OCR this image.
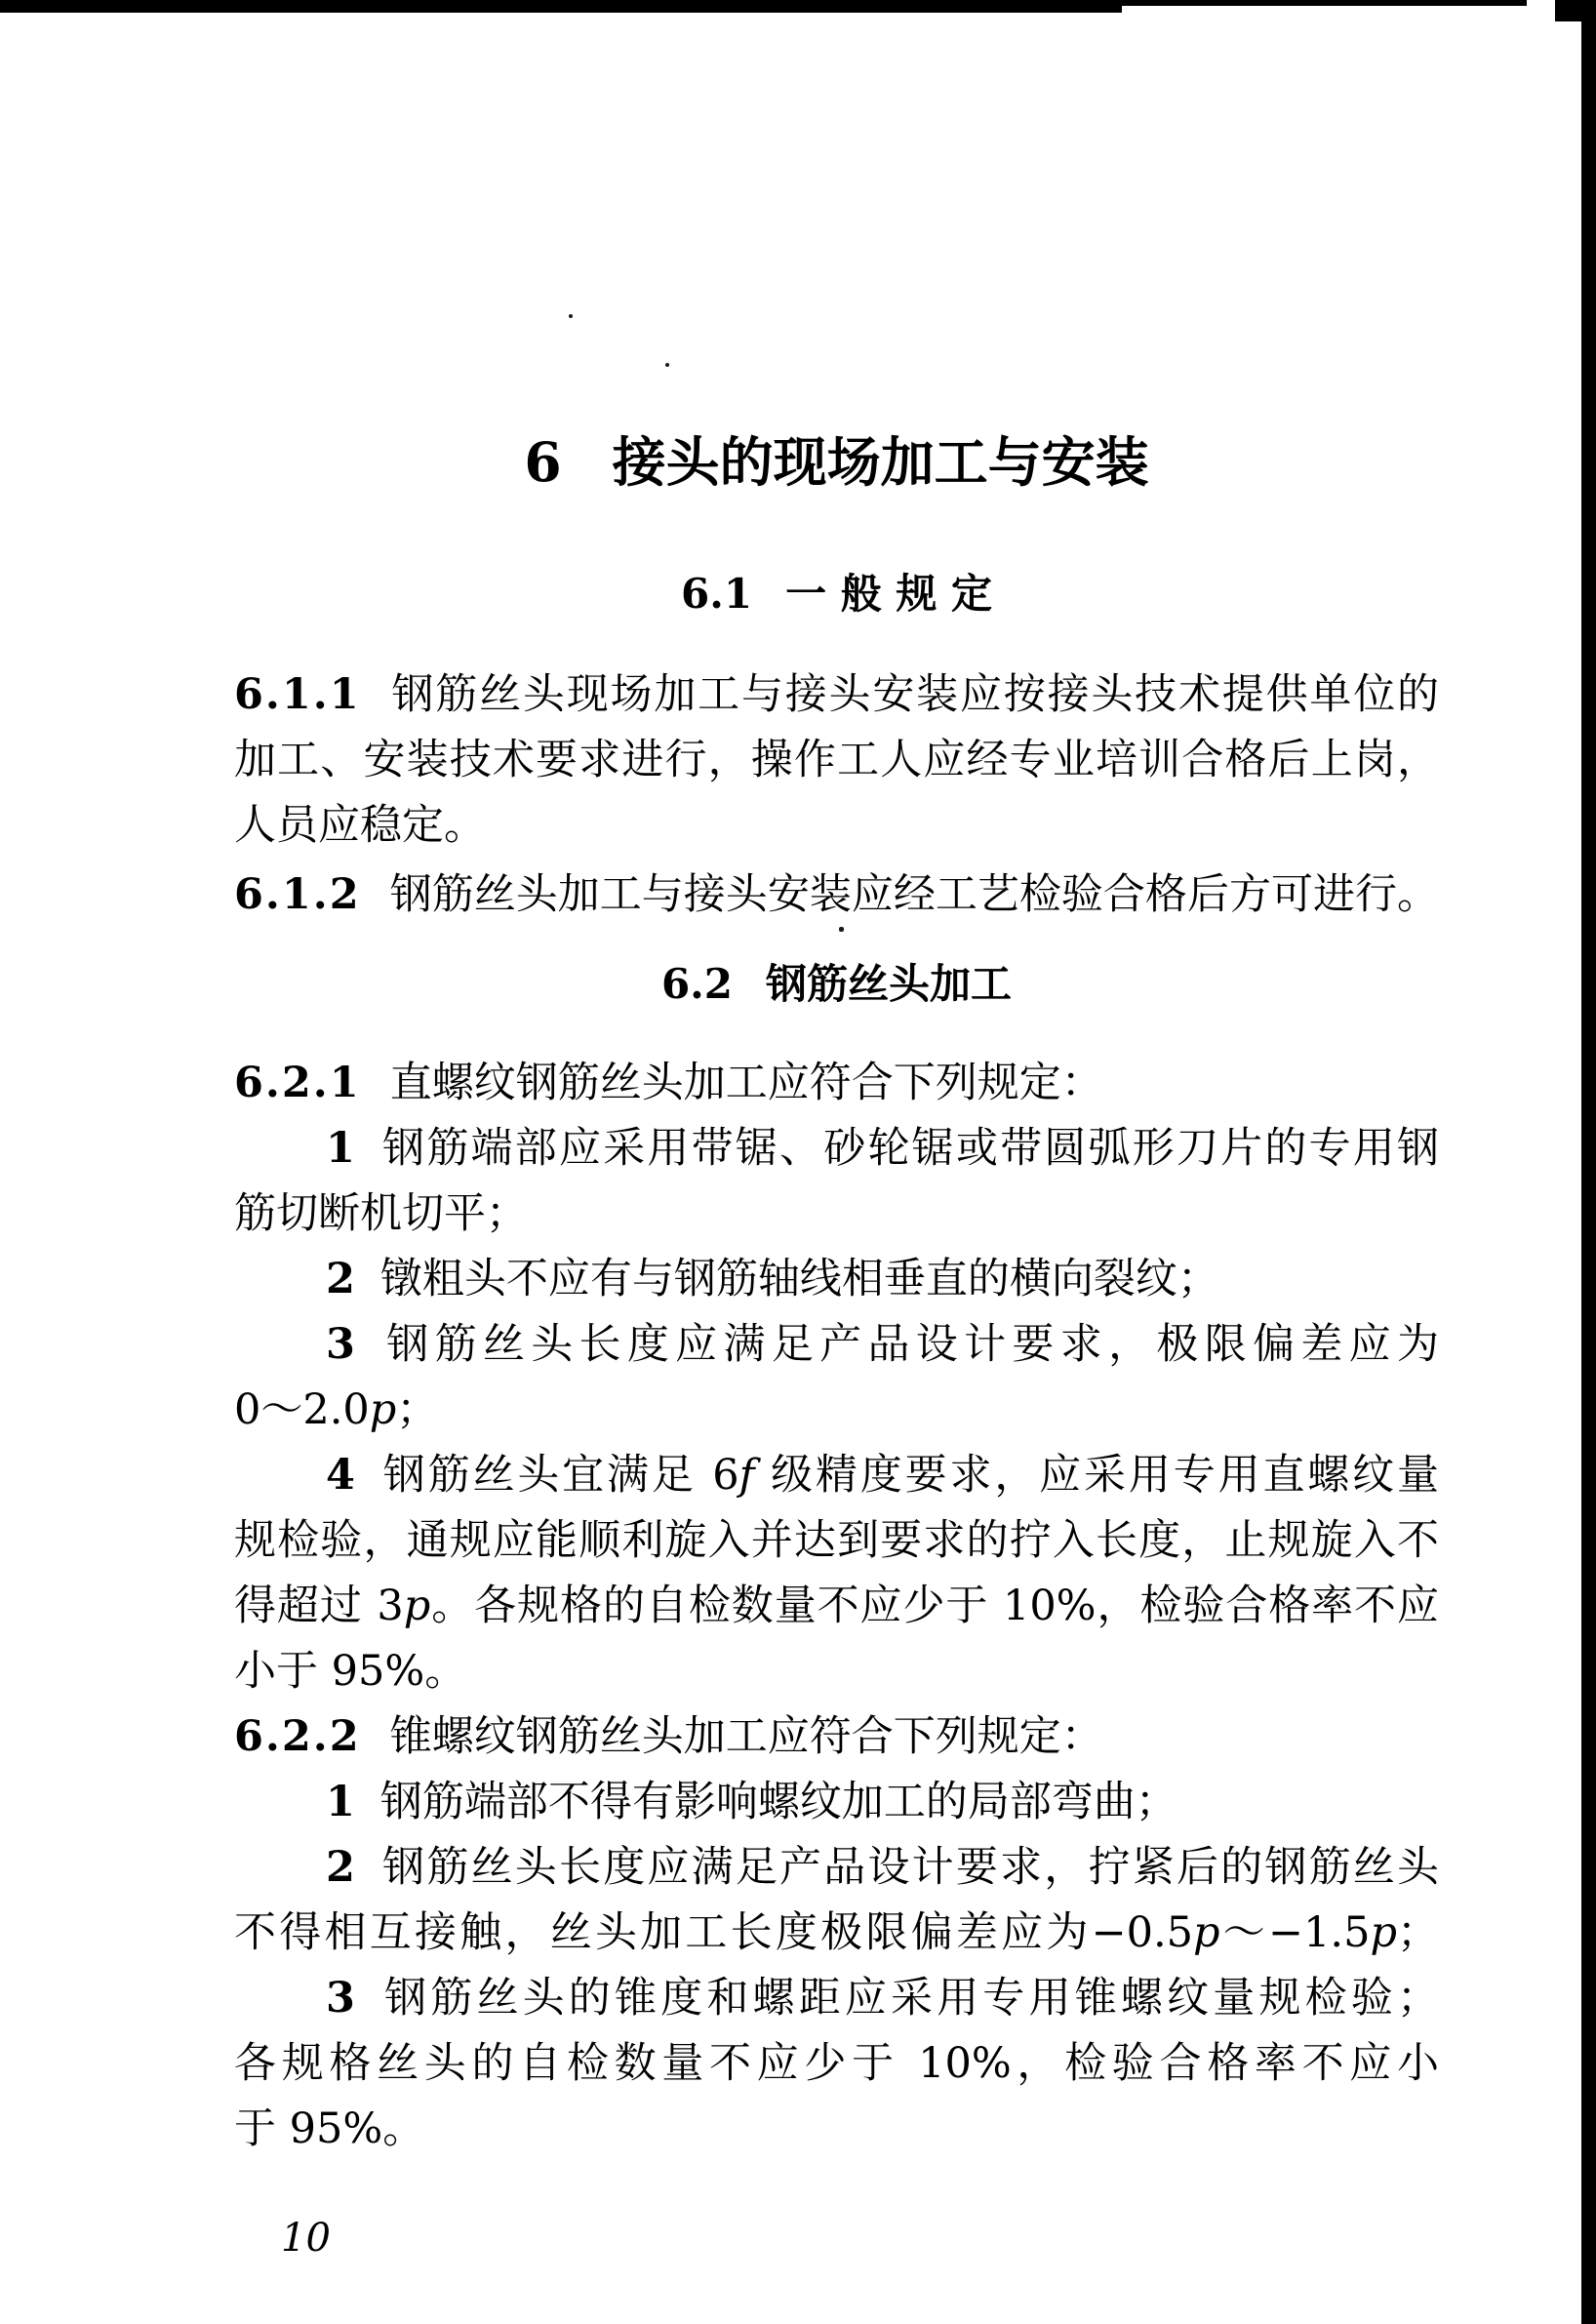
6 接头的现场加工与安装
6.1 一 般 规 定

6.1.1 钢筋丝头现场加工与接头安装应按接头技术提供单位的

加工、安装技术要求进行，操作工人应经专业培训合格后上岗，

人员应稳定。

6.1.2 钢筋丝头加工与接头安装应经工艺检验合格后方可进行。

6.2 钢筋丝头加工

6.2.1 直螺纹钢筋丝头加工应符合下列规定：

1 钢筋端部应采用带锯、砂轮锯或带圆弧形刀片的专用钢

筋切断机切平；

2 镦粗头不应有与钢筋轴线相垂直的横向裂纹；

3 钢筋丝头长度应满足产品设计要求，极限偏差应为

0～2.0p；

4 钢筋丝头宜满足 6f 级精度要求，应采用专用直螺纹量

规检验，通规应能顺利旋入并达到要求的拧入长度，止规旋入不

得超过 3p。各规格的自检数量不应少于 10%，检验合格率不应

小于 95%。

6.2.2 锥螺纹钢筋丝头加工应符合下列规定：

1 钢筋端部不得有影响螺纹加工的局部弯曲；

2 钢筋丝头长度应满足产品设计要求，拧紧后的钢筋丝头

不得相互接触，丝头加工长度极限偏差应为−0.5p～−1.5p；

3 钢筋丝头的锥度和螺距应采用专用锥螺纹量规检验；

各规格丝头的自检数量不应少于 10%，检验合格率不应小

于 95%。

10
